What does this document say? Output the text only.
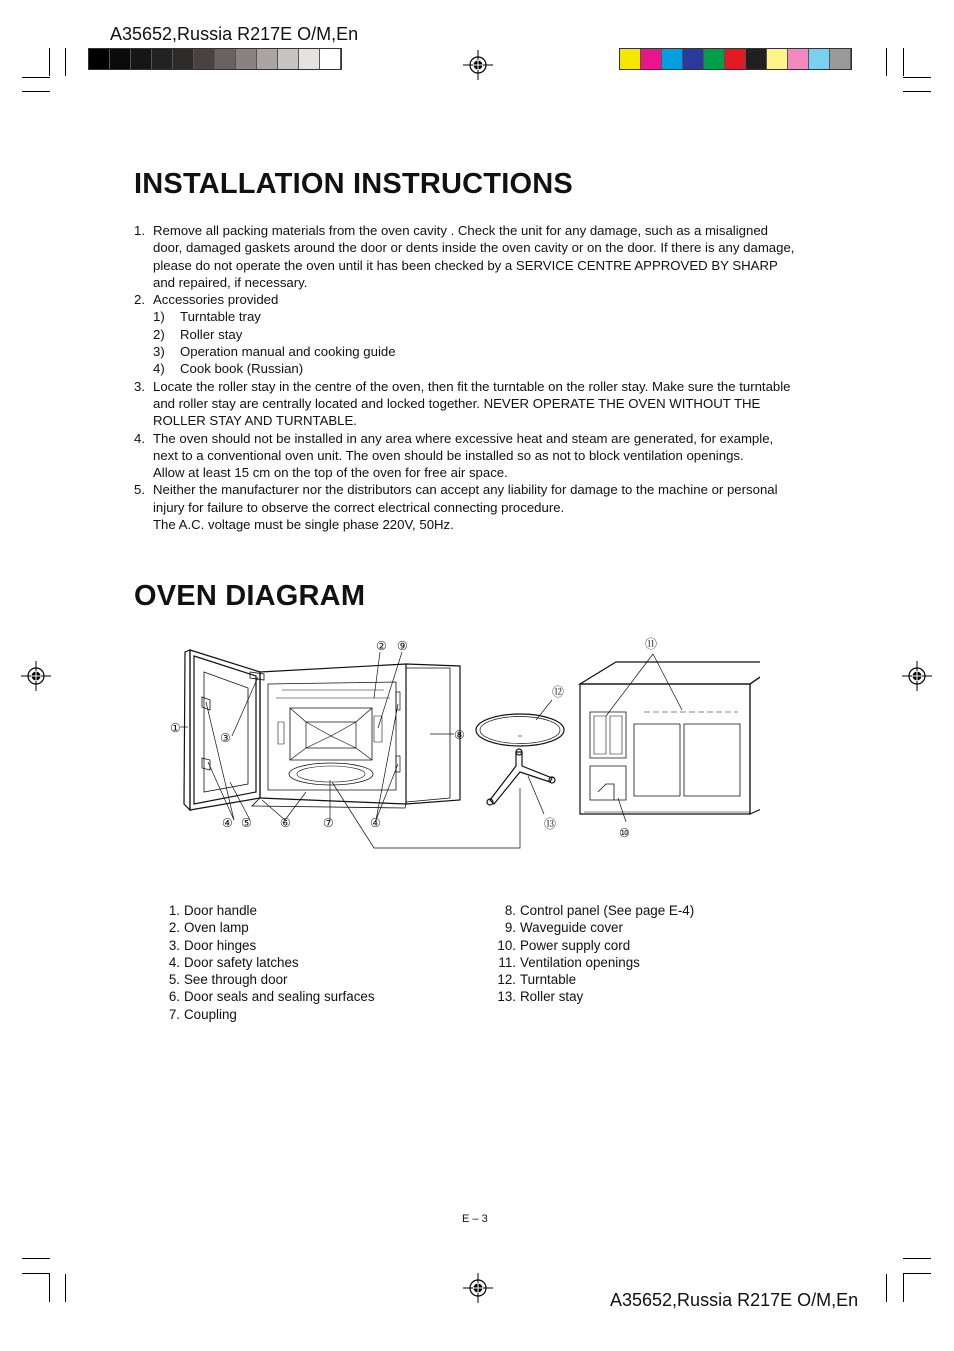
A35652,Russia R217E O/M,En
INSTALLATION INSTRUCTIONS
1. Remove all packing materials from the oven cavity . Check the unit for any damage, such as a misaligned
door, damaged gaskets around the door or dents inside the oven cavity or on the door. If there is any damage,
please do not operate the oven until it has been checked by a SERVICE CENTRE APPROVED BY SHARP
and repaired, if necessary.
2. Accessories provided
1)	Turntable tray
2)	Roller stay
3)	Operation manual and cooking guide
4)	Cook book (Russian)
3. Locate the roller stay in the centre of the oven, then fit the turntable on the roller stay. Make sure the turntable
and roller stay are centrally located and locked together. NEVER OPERATE THE OVEN WITHOUT THE
ROLLER STAY AND TURNTABLE.
4. The oven should not be installed in any area where excessive heat and steam are generated, for example,
next to a conventional oven unit. The oven should be installed so as not to block ventilation openings.
Allow at least 15 cm on the top of the oven for free air space.
5. Neither the manufacturer nor the distributors can accept any liability for damage to the machine or personal
injury for failure to observe the correct electrical connecting procedure.
The A.C. voltage must be single phase 220V, 50Hz.
OVEN DIAGRAM
①
②
③
④ ⑤ ⑥	⑦	④
⑧
⑨	⑪
⑫
⑬
⑩
1. Door handle
2. Oven lamp
3. Door hinges
4. Door safety latches
5. See through door
6. Door seals and sealing surfaces
7. Coupling
8. Control panel (See page E-4)
9. Waveguide cover
10. Power supply cord
11. Ventilation openings
12. Turntable
13. Roller stay
E – 3
A35652,Russia R217E O/M,En
